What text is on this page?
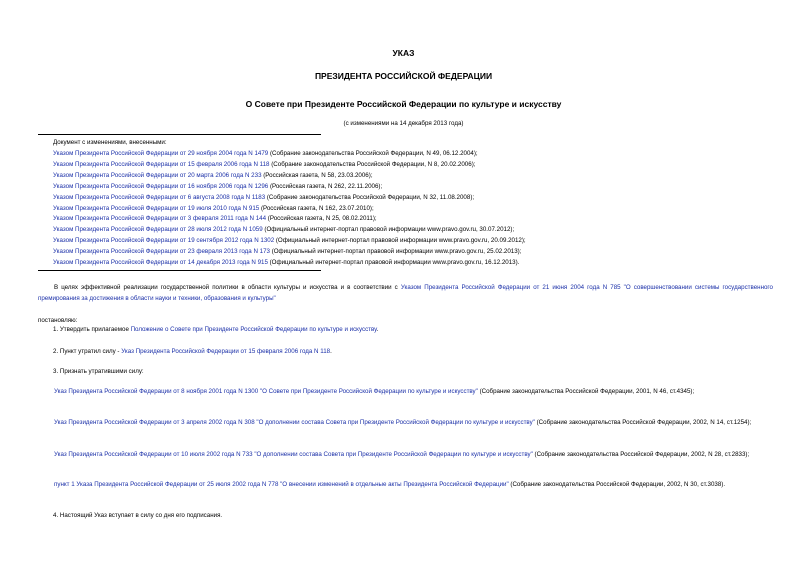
УКАЗ
ПРЕЗИДЕНТА РОССИЙСКОЙ ФЕДЕРАЦИИ
О Совете при Президенте Российской Федерации по культуре и искусству
(с изменениями на 14 декабря 2013 года)
Документ с изменениями, внесенными:
Указом Президента Российской Федерации от 29 ноября 2004 года N 1479 (Собрание законодательства Российской Федерации, N 49, 06.12.2004);
Указом Президента Российской Федерации от 15 февраля 2006 года N 118 (Собрание законодательства Российской Федерации, N 8, 20.02.2006);
Указом Президента Российской Федерации от 20 марта 2006 года N 233 (Российская газета, N 58, 23.03.2006);
Указом Президента Российской Федерации от 16 ноября 2006 года N 1296 (Российская газета, N 262, 22.11.2006);
Указом Президента Российской Федерации от 6 августа 2008 года N 1183 (Собрание законодательства Российской Федерации, N 32, 11.08.2008);
Указом Президента Российской Федерации от 19 июля 2010 года N 915 (Российская газета, N 162, 23.07.2010);
Указом Президента Российской Федерации от 3 февраля 2011 года N 144 (Российская газета, N 25, 08.02.2011);
Указом Президента Российской Федерации от 28 июля 2012 года N 1059 (Официальный интернет-портал правовой информации www.pravo.gov.ru, 30.07.2012);
Указом Президента Российской Федерации от 19 сентября 2012 года N 1302 (Официальный интернет-портал правовой информации www.pravo.gov.ru, 20.09.2012);
Указом Президента Российской Федерации от 23 февраля 2013 года N 173 (Официальный интернет-портал правовой информации www.pravo.gov.ru, 25.02.2013);
Указом Президента Российской Федерации от 14 декабря 2013 года N 915 (Официальный интернет-портал правовой информации www.pravo.gov.ru, 16.12.2013).
В целях эффективной реализации государственной политики в области культуры и искусства и в соответствии с Указом Президента Российской Федерации от 21 июня 2004 года N 785 "О совершенствовании системы государственного премирования за достижения в области науки и техники, образования и культуры"
постановляю:
1. Утвердить прилагаемое Положение о Совете при Президенте Российской Федерации по культуре и искусству.
2. Пункт утратил силу - Указ Президента Российской Федерации от 15 февраля 2006 года N 118.
3. Признать утратившими силу:
Указ Президента Российской Федерации от 8 ноября 2001 года N 1300 "О Совете при Президенте Российской Федерации по культуре и искусству" (Собрание законодательства Российской Федерации, 2001, N 46, ст.4345);
Указ Президента Российской Федерации от 3 апреля 2002 года N 308 "О дополнении состава Совета при Президенте Российской Федерации по культуре и искусству" (Собрание законодательства Российской Федерации, 2002, N 14, ст.1254);
Указ Президента Российской Федерации от 10 июля 2002 года N 733 "О дополнении состава Совета при Президенте Российской Федерации по культуре и искусству" (Собрание законодательства Российской Федерации, 2002, N 28, ст.2833);
пункт 1 Указа Президента Российской Федерации от 25 июля 2002 года N 778 "О внесении изменений в отдельные акты Президента Российской Федерации" (Собрание законодательства Российской Федерации, 2002, N 30, ст.3038).
4. Настоящий Указ вступает в силу со дня его подписания.
